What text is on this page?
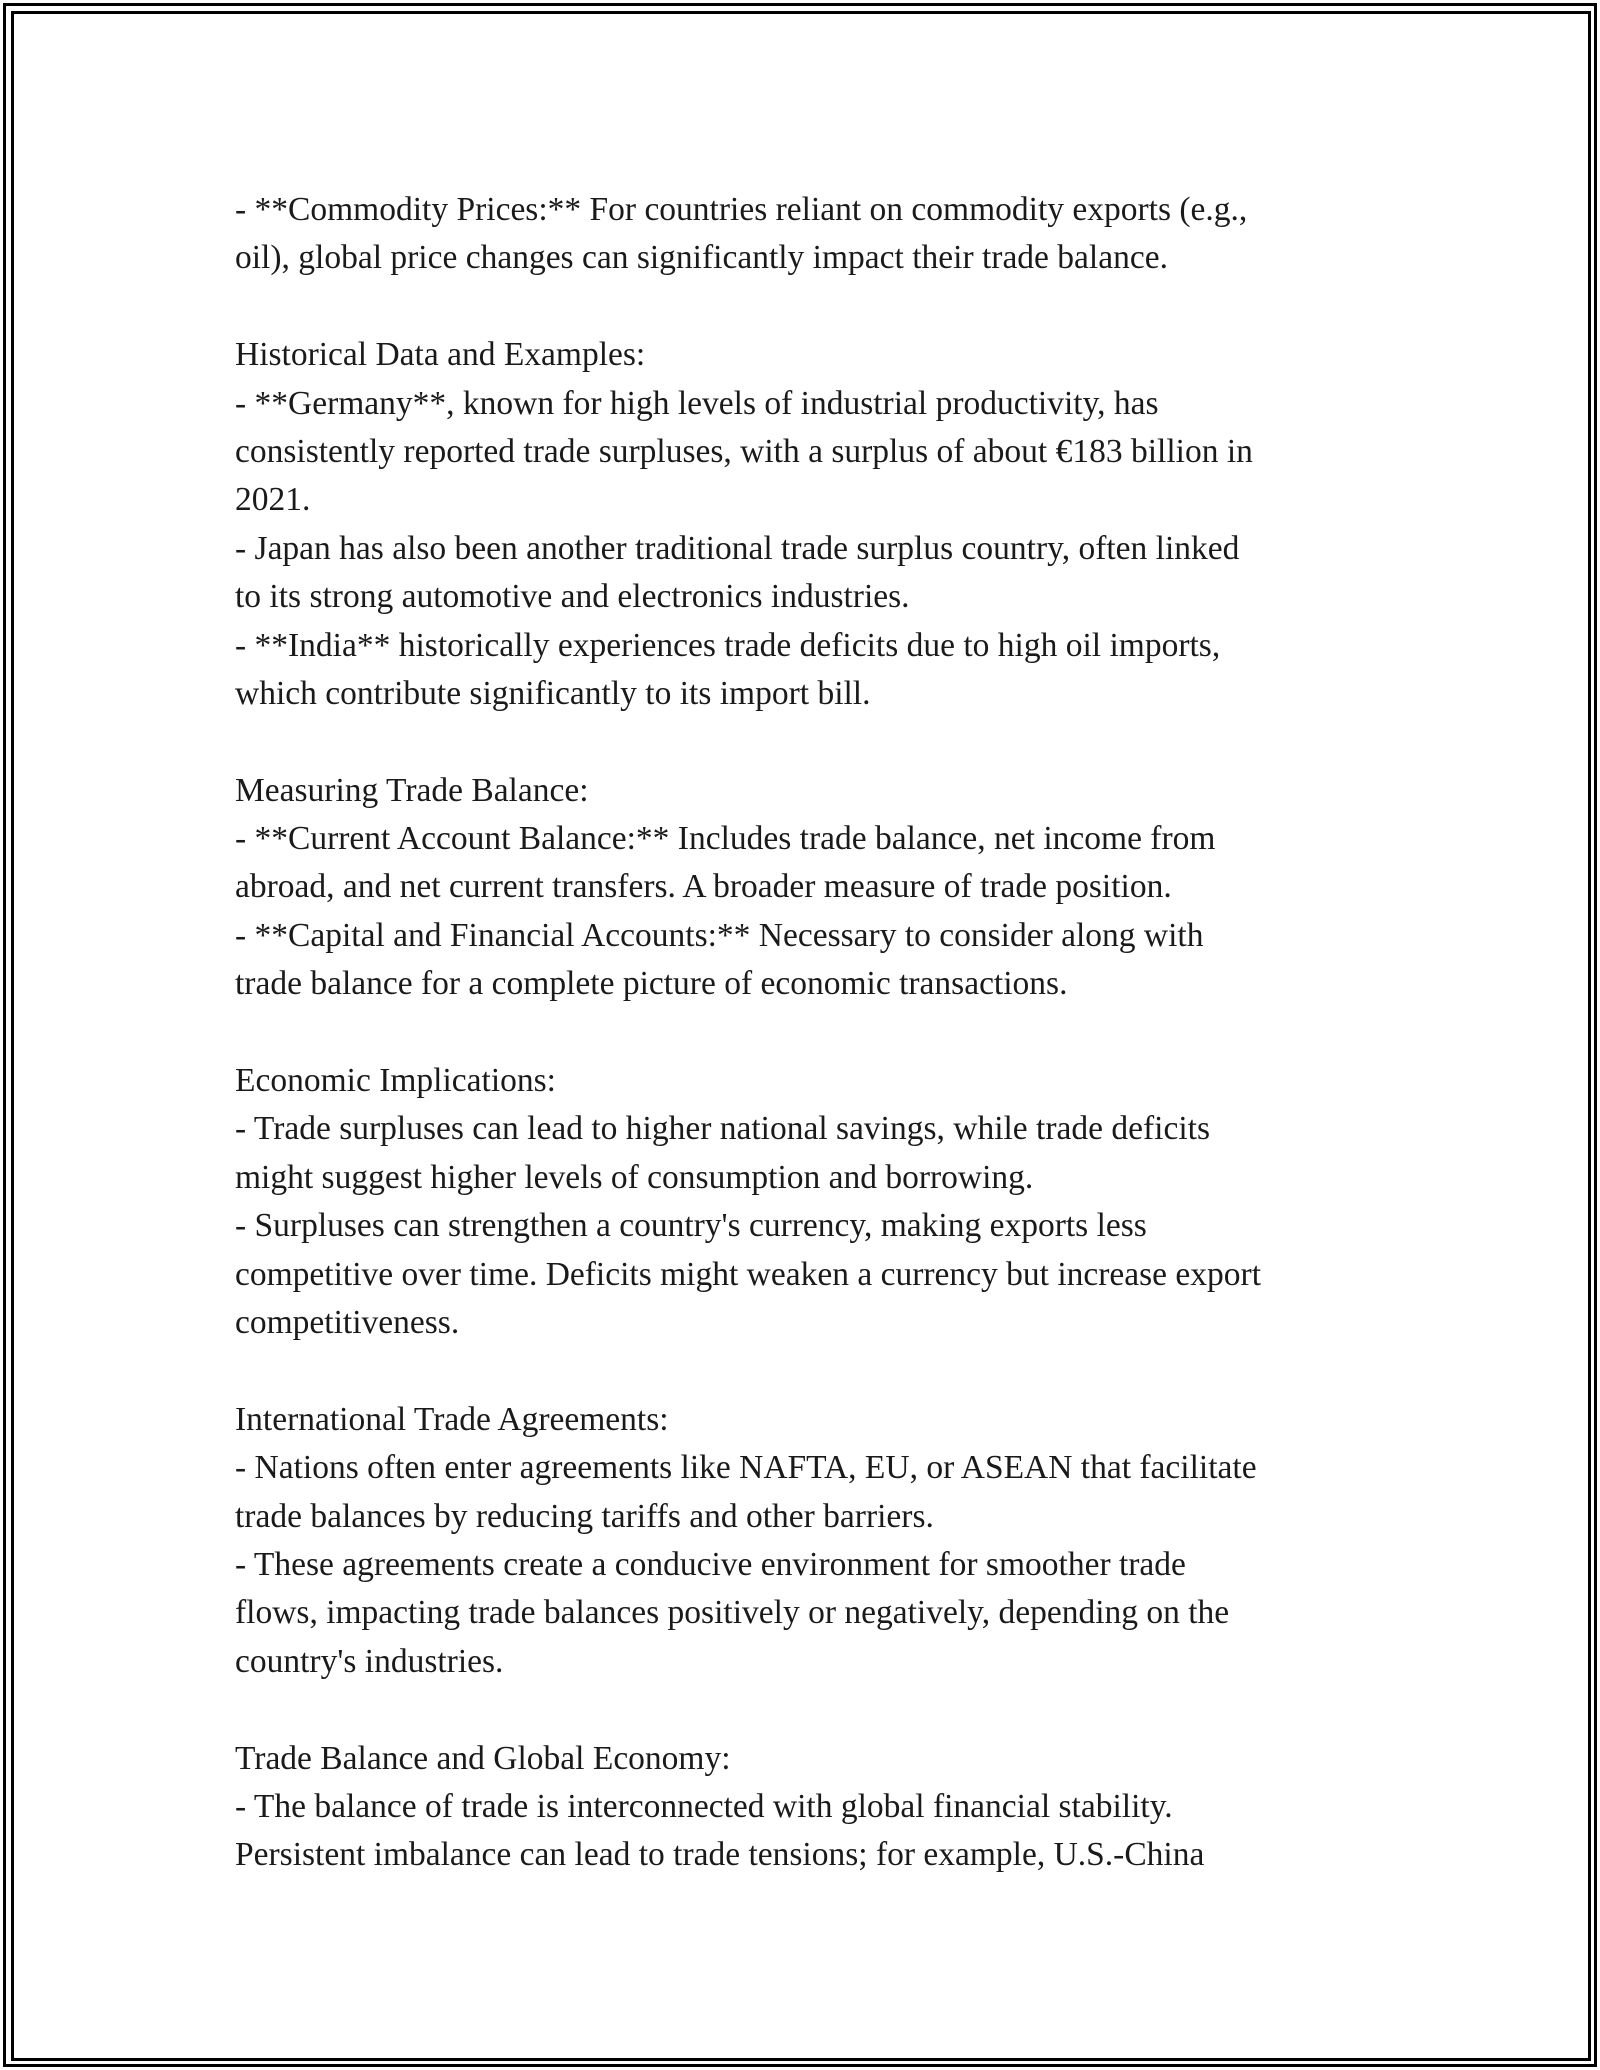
- **Commodity Prices:** For countries reliant on commodity exports (e.g.,
oil), global price changes can significantly impact their trade balance.
Historical Data and Examples:
- **Germany**, known for high levels of industrial productivity, has
consistently reported trade surpluses, with a surplus of about €183 billion in
2021.
- Japan has also been another traditional trade surplus country, often linked
to its strong automotive and electronics industries.
- **India** historically experiences trade deficits due to high oil imports,
which contribute significantly to its import bill.
Measuring Trade Balance:
- **Current Account Balance:** Includes trade balance, net income from
abroad, and net current transfers. A broader measure of trade position.
- **Capital and Financial Accounts:** Necessary to consider along with
trade balance for a complete picture of economic transactions.
Economic Implications:
- Trade surpluses can lead to higher national savings, while trade deficits
might suggest higher levels of consumption and borrowing.
- Surpluses can strengthen a country's currency, making exports less
competitive over time. Deficits might weaken a currency but increase export
competitiveness.
International Trade Agreements:
- Nations often enter agreements like NAFTA, EU, or ASEAN that facilitate
trade balances by reducing tariffs and other barriers.
- These agreements create a conducive environment for smoother trade
flows, impacting trade balances positively or negatively, depending on the
country's industries.
Trade Balance and Global Economy:
- The balance of trade is interconnected with global financial stability.
Persistent imbalance can lead to trade tensions; for example, U.S.-China
